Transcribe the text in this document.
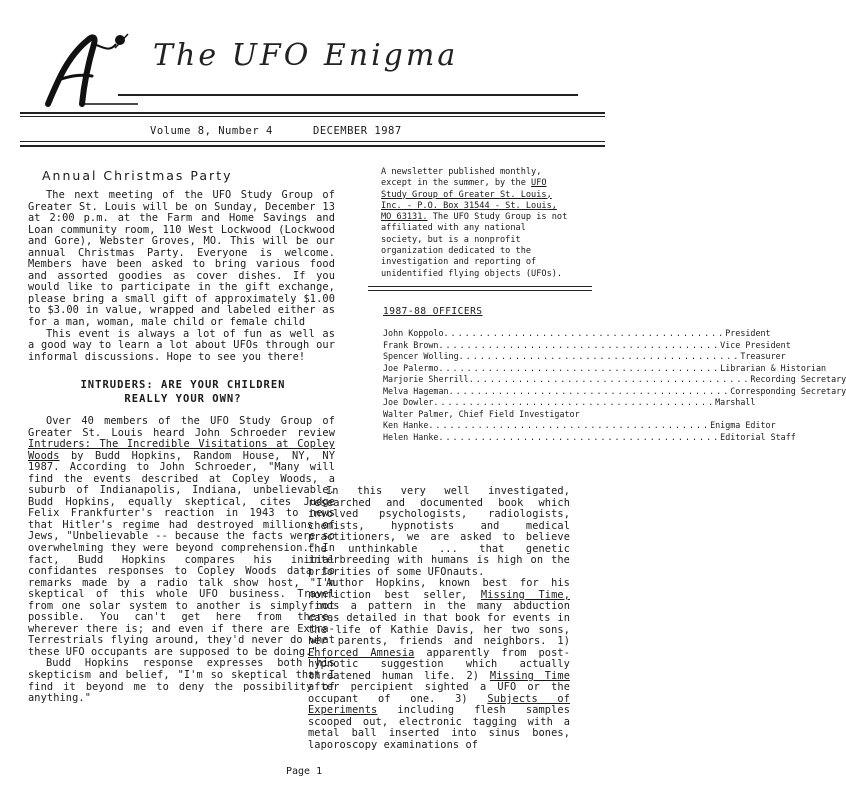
The UFO Enigma
Volume 8, Number 4	DECEMBER 1987
Annual Christmas Party

The next meeting of the UFO Study Group of Greater St. Louis will be on Sunday, December 13 at 2:00 p.m. at the Farm and Home Savings and Loan community room, 110 West Lockwood (Lockwood and Gore), Webster Groves, MO. This will be our annual Christmas Party. Everyone is welcome. Members have been asked to bring various food and assorted goodies as cover dishes. If you would like to participate in the gift exchange, please bring a small gift of approximately $1.00 to $3.00 in value, wrapped and labeled either as for a man, woman, male child or female child

This event is always a lot of fun as well as a good way to learn a lot about UFOs through our informal discussions. Hope to see you there!

INTRUDERS: ARE YOUR CHILDREN
REALLY YOUR OWN?

Over 40 members of the UFO Study Group of Greater St. Louis heard John Schroeder review Intruders: The Incredible Visitations at Copley Woods by Budd Hopkins, Random House, NY, NY 1987. According to John Schroeder, "Many will find the events described at Copley Woods, a suburb of Indianapolis, Indiana, unbelievable. Budd Hopkins, equally skeptical, cites Judge Felix Frankfurter's reaction in 1943 to news that Hitler's regime had destroyed millions of Jews, "Unbelievable -- because the facts were so overwhelming they were beyond comprehension." In fact, Budd Hopkins compares his initial confidantes responses to Copley Woods data to remarks made by a radio talk show host, "I'm skeptical of this whole UFO business. Travel from one solar system to another is simply not possible. You can't get here from there, wherever there is; and even if there are Extra-Terrestrials flying around, they'd never do what these UFO occupants are supposed to be doing."

Budd Hopkins response expresses both his skepticism and belief, "I'm so skeptical that I find it beyond me to deny the possibility of anything."

A newsletter published monthly, except in the summer, by the UFO Study Group of Greater St. Louis, Inc. - P.O. Box 31544 - St. Louis, MO 63131. The UFO Study Group is not affiliated with any national society, but is a nonprofit organization dedicated to the investigation and reporting of unidentified flying objects (UFOs).

1987-88 OFFICERS
John Koppolo ........................................ President
Frank Brown ........................................ Vice President
Spencer Wolling ........................................ Treasurer
Joe Palermo ........................................ Librarian & Historian
Marjorie Sherrill ........................................ Recording Secretary
Melva Hageman ........................................ Corresponding Secretary
Joe Dowler ........................................ Marshall
Walter Palmer, Chief Field Investigator
Ken Hanke ........................................ Enigma Editor
Helen Hanke ........................................ Editorial Staff

In this very well investigated, researched and documented book which involved psychologists, radiologists, chemists, hypnotists and medical practitioners, we are asked to believe the unthinkable ... that genetic interbreeding with humans is high on the priorities of some UFOnauts.

Author Hopkins, known best for his nonfiction best seller, Missing Time, finds a pattern in the many abduction cases detailed in that book for events in the life of Kathie Davis, her two sons, her parents, friends and neighbors. 1) Enforced Amnesia apparently from post-hypnotic suggestion which actually threatened human life. 2) Missing Time after percipient sighted a UFO or the occupant of one. 3) Subjects of Experiments including flesh samples scooped out, electronic tagging with a metal ball inserted into sinus bones, laporoscopy examinations of

Page 1
